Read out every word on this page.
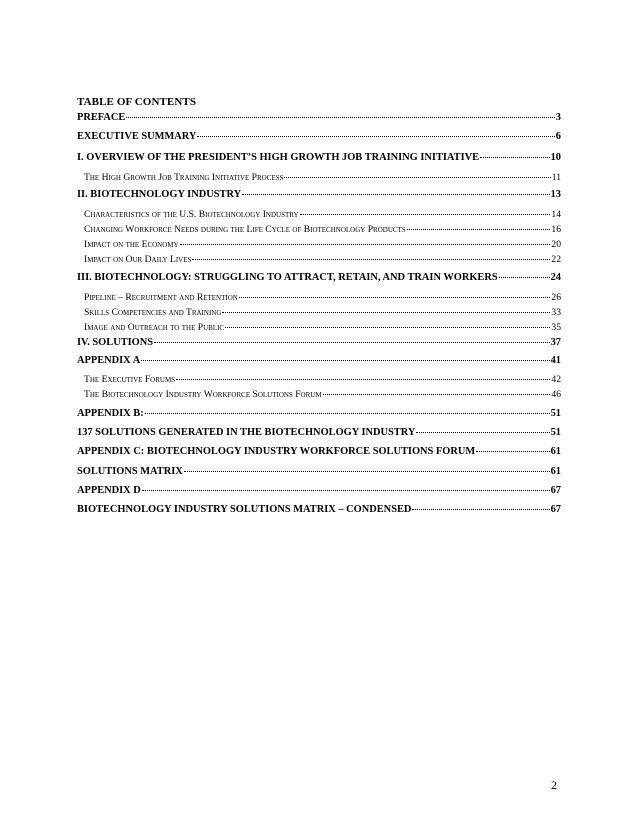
TABLE OF CONTENTS
PREFACE	3
EXECUTIVE SUMMARY	6
I. OVERVIEW OF THE PRESIDENT’S HIGH GROWTH JOB TRAINING INITIATIVE	10
The High Growth Job Training Initiative Process	11
II. BIOTECHNOLOGY INDUSTRY	13
Characteristics of the U.S. Biotechnology Industry	14
Changing Workforce Needs during the Life Cycle of Biotechnology Products	16
Impact on the Economy	20
Impact on Our Daily Lives	22
III. BIOTECHNOLOGY: STRUGGLING TO ATTRACT, RETAIN, AND TRAIN WORKERS	24
Pipeline – Recruitment and Retention	26
Skills Competencies and Training	33
Image and Outreach to the Public	35
IV. SOLUTIONS	37
APPENDIX A	41
The Executive Forums	42
The Biotechnology Industry Workforce Solutions Forum	46
APPENDIX B:	51
137 SOLUTIONS GENERATED IN THE BIOTECHNOLOGY INDUSTRY	51
APPENDIX C: BIOTECHNOLOGY INDUSTRY WORKFORCE SOLUTIONS FORUM	61
SOLUTIONS MATRIX	61
APPENDIX D	67
BIOTECHNOLOGY INDUSTRY SOLUTIONS MATRIX – CONDENSED	67
2
